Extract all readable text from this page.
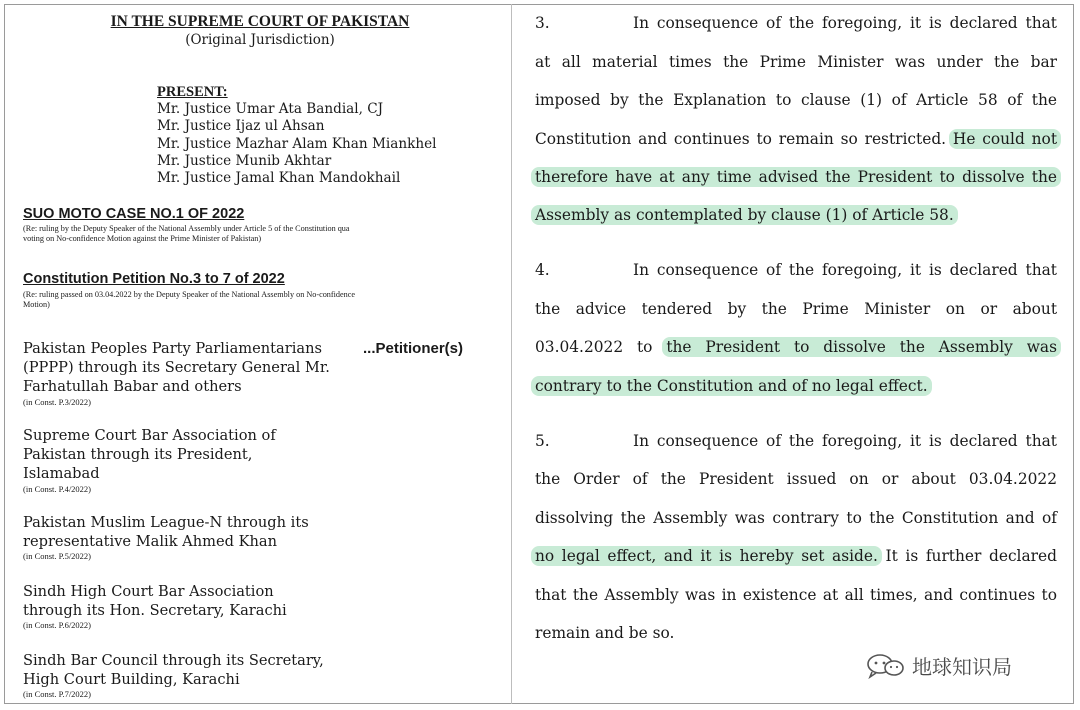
IN THE SUPREME COURT OF PAKISTAN
(Original Jurisdiction)
PRESENT:
Mr. Justice Umar Ata Bandial, CJ
Mr. Justice Ijaz ul Ahsan
Mr. Justice Mazhar Alam Khan Miankhel
Mr. Justice Munib Akhtar
Mr. Justice Jamal Khan Mandokhail
SUO MOTO CASE NO.1 OF 2022
(Re: ruling by the Deputy Speaker of the National Assembly under Article 5 of the Constitution qua voting on No-confidence Motion against the Prime Minister of Pakistan)
Constitution Petition No.3 to 7 of 2022
(Re: ruling passed on 03.04.2022 by the Deputy Speaker of the National Assembly on No-confidence Motion)
...Petitioner(s)
Pakistan Peoples Party Parliamentarians (PPPP) through its Secretary General Mr. Farhatullah Babar and others
(in Const. P.3/2022)
Supreme Court Bar Association of Pakistan through its President, Islamabad
(in Const. P.4/2022)
Pakistan Muslim League-N through its representative Malik Ahmed Khan
(in Const. P.5/2022)
Sindh High Court Bar Association through its Hon. Secretary, Karachi
(in Const. P.6/2022)
Sindh Bar Council through its Secretary, High Court Building, Karachi
(in Const. P.7/2022)
3.	In consequence of the foregoing, it is declared that
at all material times the Prime Minister was under the bar
imposed by the Explanation to clause (1) of Article 58 of the
Constitution and continues to remain so restricted. He could not
therefore have at any time advised the President to dissolve the
Assembly as contemplated by clause (1) of Article 58.
4.	In consequence of the foregoing, it is declared that
the advice tendered by the Prime Minister on or about
03.04.2022 to the President to dissolve the Assembly was
contrary to the Constitution and of no legal effect.
5.	In consequence of the foregoing, it is declared that
the Order of the President issued on or about 03.04.2022
dissolving the Assembly was contrary to the Constitution and of
no legal effect, and it is hereby set aside. It is further declared
that the Assembly was in existence at all times, and continues to
remain and be so.
地球知识局
